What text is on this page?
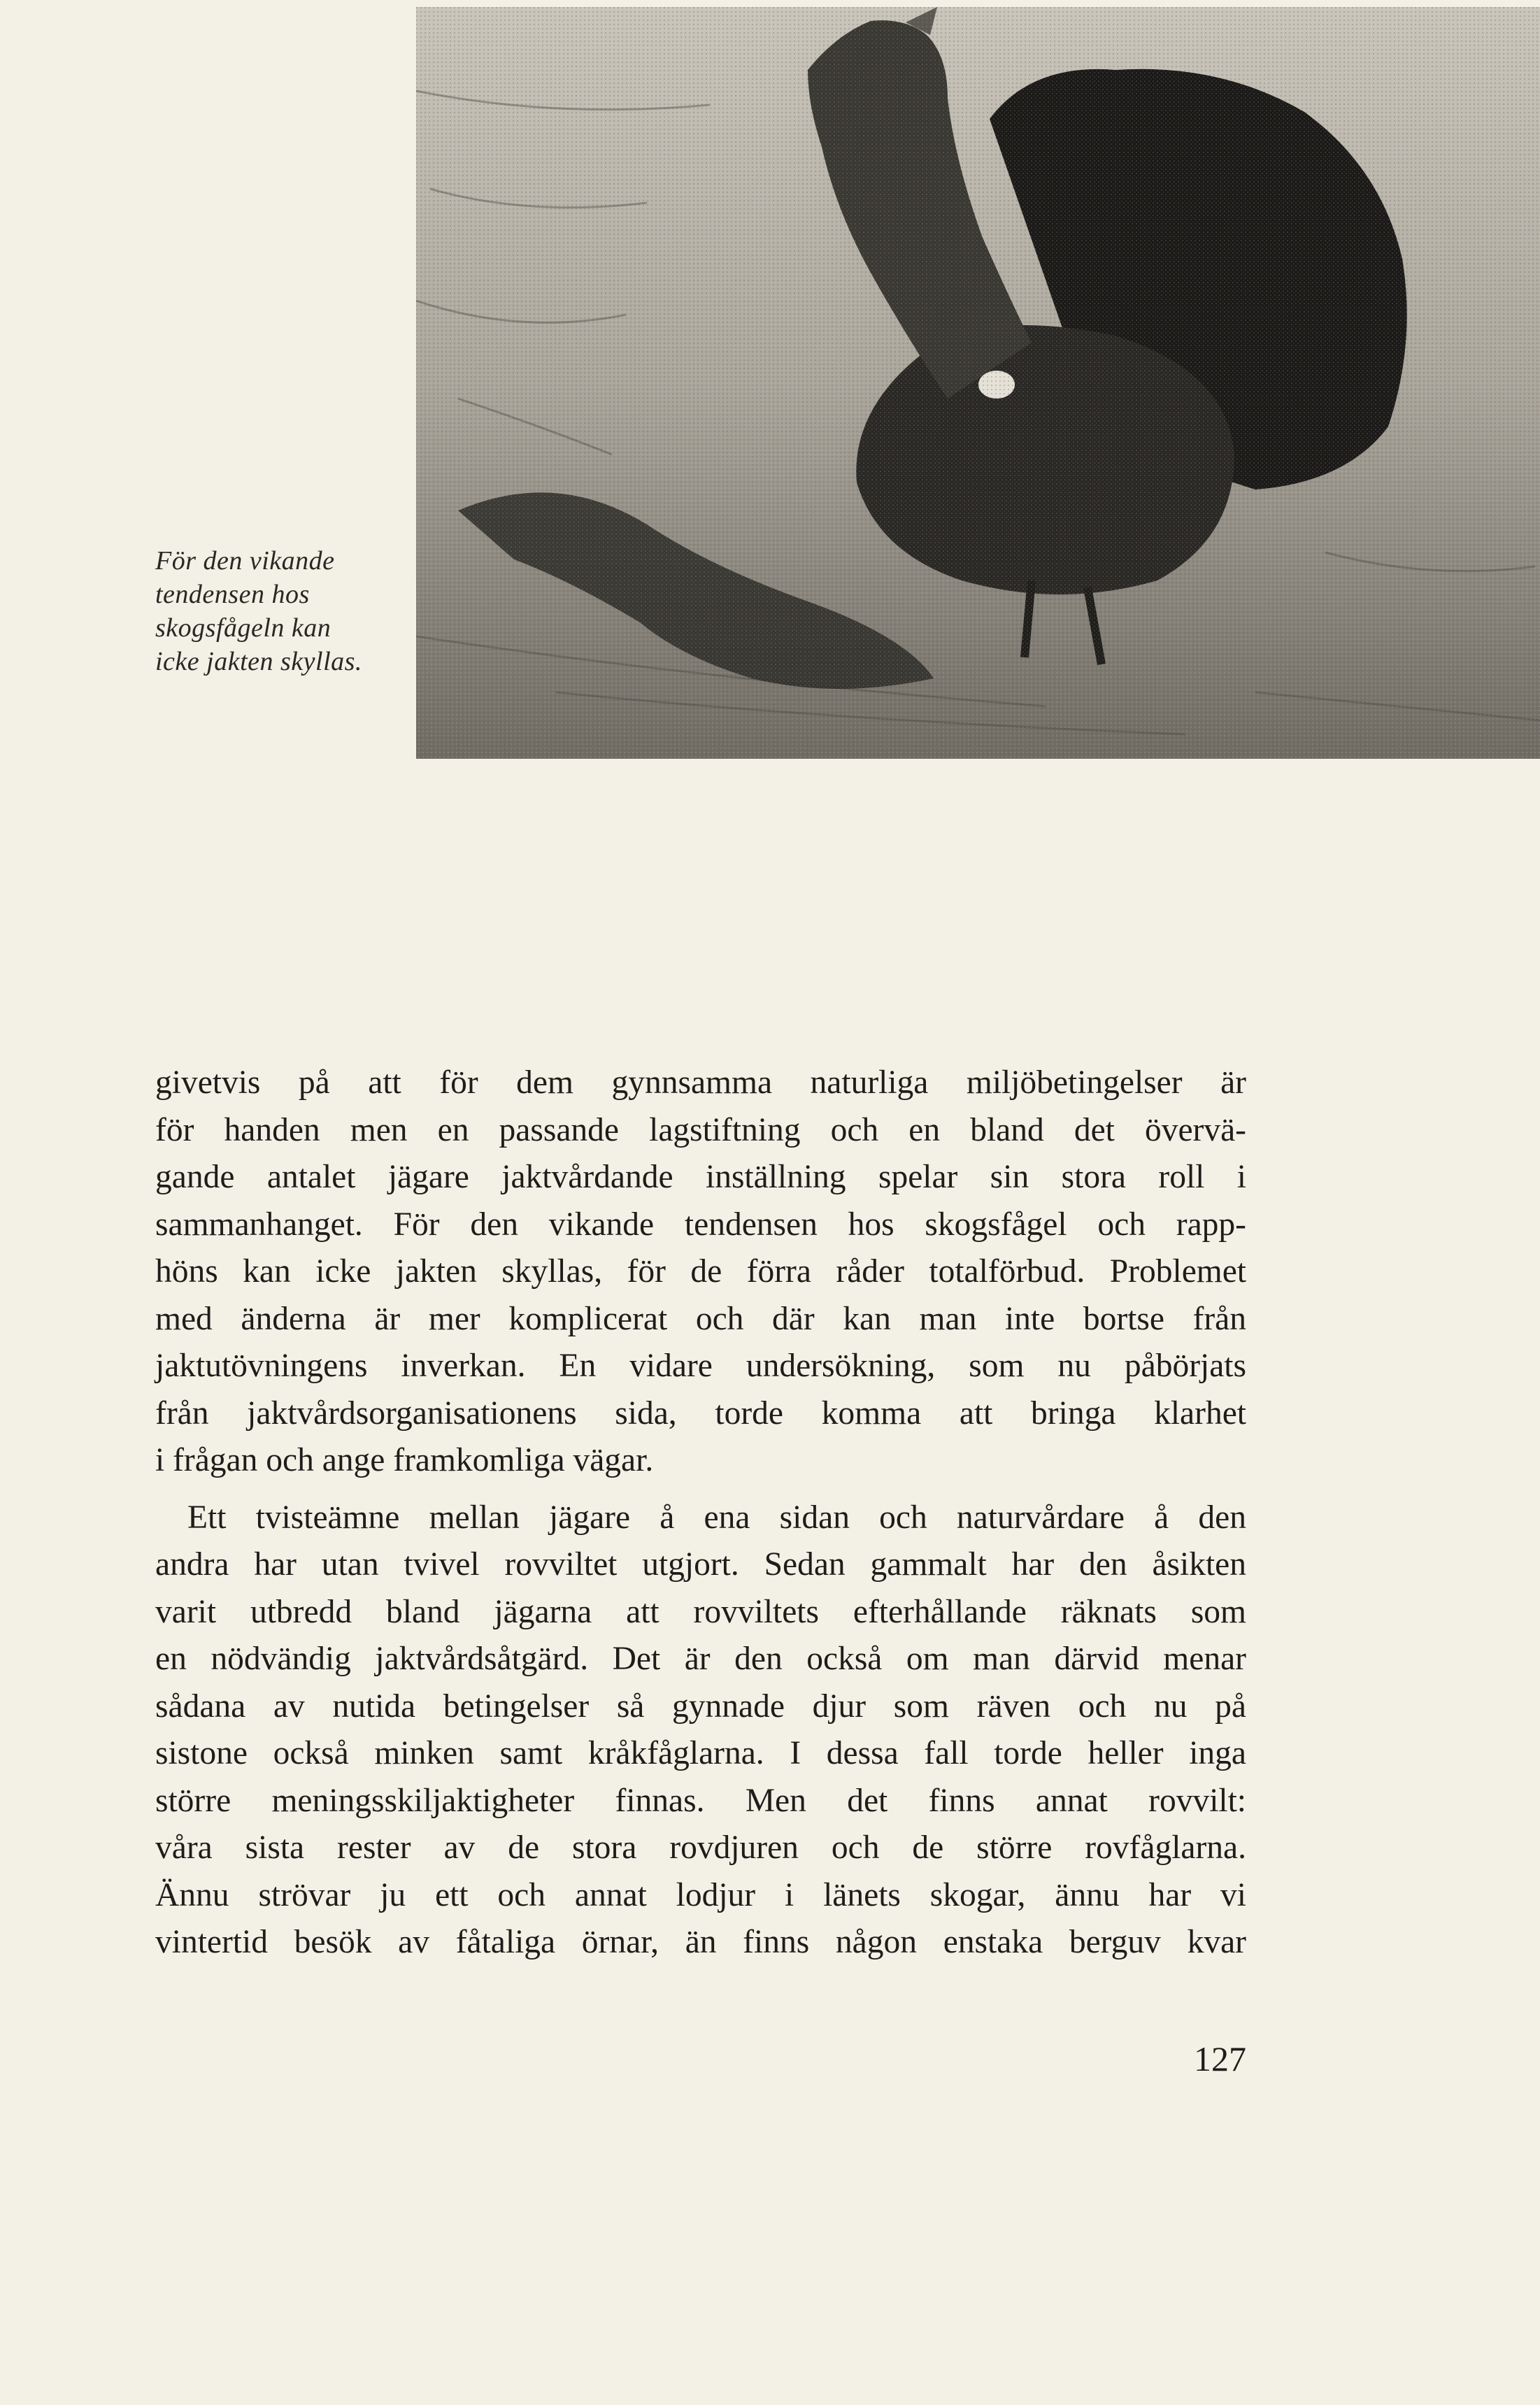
För den vikande
tendensen hos
skogsfågeln kan
icke jakten skyllas.
givetvis på att för dem gynnsamma naturliga miljöbetingelser är
för handen men en passande lagstiftning och en bland det övervä-
gande antalet jägare jaktvårdande inställning spelar sin stora roll i
sammanhanget. För den vikande tendensen hos skogsfågel och rapp-
höns kan icke jakten skyllas, för de förra råder totalförbud. Problemet
med änderna är mer komplicerat och där kan man inte bortse från
jaktutövningens inverkan. En vidare undersökning, som nu påbörjats
från jaktvårdsorganisationens sida, torde komma att bringa klarhet
i frågan och ange framkomliga vägar.
Ett tvisteämne mellan jägare å ena sidan och naturvårdare å den
andra har utan tvivel rovviltet utgjort. Sedan gammalt har den åsikten
varit utbredd bland jägarna att rovviltets efterhållande räknats som
en nödvändig jaktvårdsåtgärd. Det är den också om man därvid menar
sådana av nutida betingelser så gynnade djur som räven och nu på
sistone också minken samt kråkfåglarna. I dessa fall torde heller inga
större meningsskiljaktigheter finnas. Men det finns annat rovvilt:
våra sista rester av de stora rovdjuren och de större rovfåglarna.
Ännu strövar ju ett och annat lodjur i länets skogar, ännu har vi
vintertid besök av fåtaliga örnar, än finns någon enstaka berguv kvar
127
